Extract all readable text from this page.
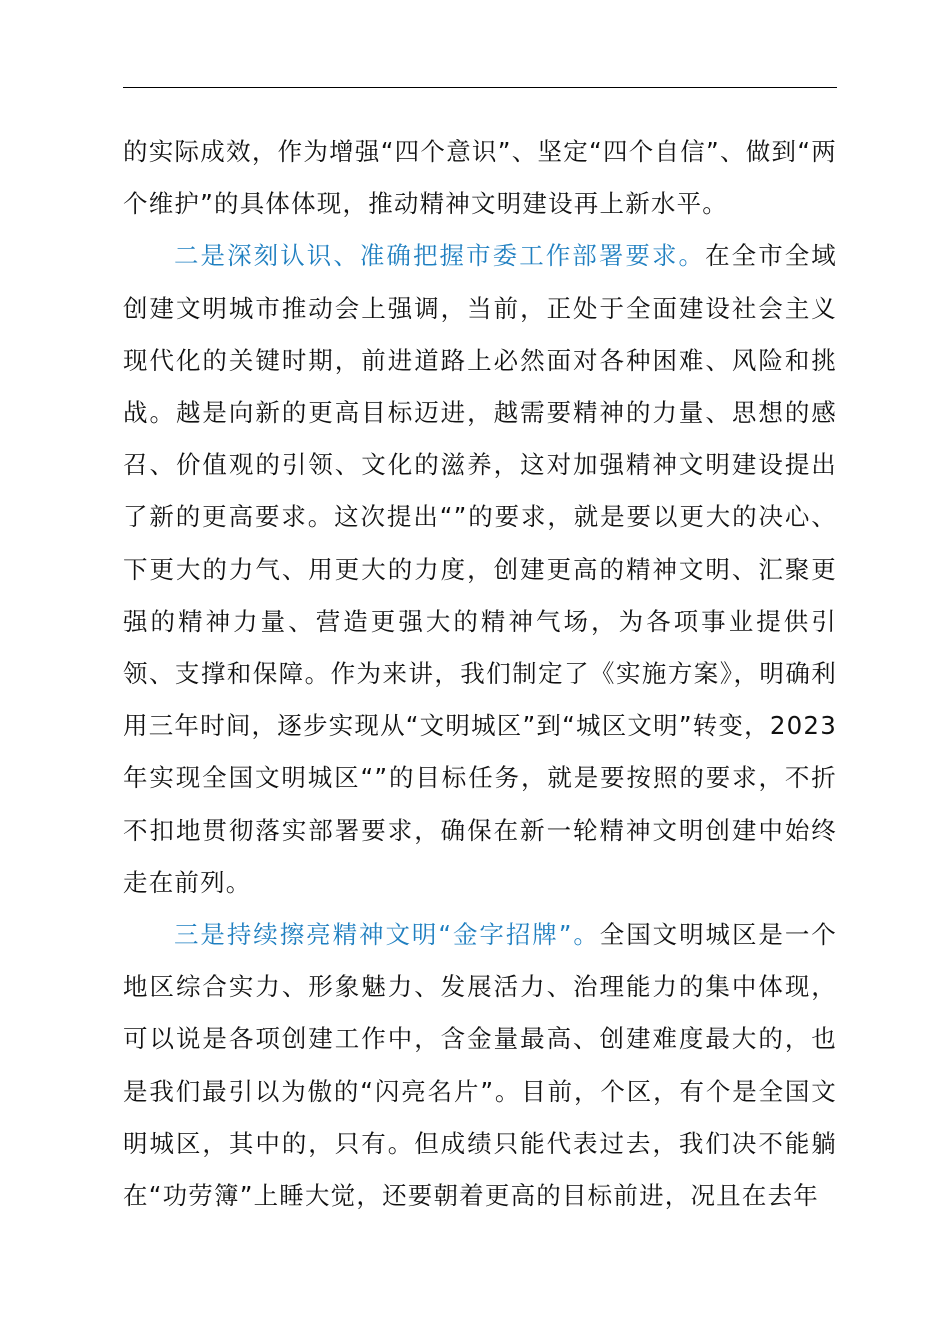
的实际成效，作为增强“四个意识”、坚定“四个自信”、做到“两个维护”的具体体现，推动精神文明建设再上新水平。

二是深刻认识、准确把握市委工作部署要求。在全市全域创建文明城市推动会上强调，当前，正处于全面建设社会主义现代化的关键时期，前进道路上必然面对各种困难、风险和挑战。越是向新的更高目标迈进，越需要精神的力量、思想的感召、价值观的引领、文化的滋养，这对加强精神文明建设提出了新的更高要求。这次提出“”的要求，就是要以更大的决心、下更大的力气、用更大的力度，创建更高的精神文明、汇聚更强的精神力量、营造更强大的精神气场，为各项事业提供引领、支撑和保障。作为来讲，我们制定了《实施方案》，明确利用三年时间，逐步实现从“文明城区”到“城区文明”转变，2023年实现全国文明城区“”的目标任务，就是要按照的要求，不折不扣地贯彻落实部署要求，确保在新一轮精神文明创建中始终走在前列。

三是持续擦亮精神文明“金字招牌”。全国文明城区是一个地区综合实力、形象魅力、发展活力、治理能力的集中体现，可以说是各项创建工作中，含金量最高、创建难度最大的，也是我们最引以为傲的“闪亮名片”。目前，个区，有个是全国文明城区，其中的，只有。但成绩只能代表过去，我们决不能躺在“功劳簿”上睡大觉，还要朝着更高的目标前进，况且在去年
